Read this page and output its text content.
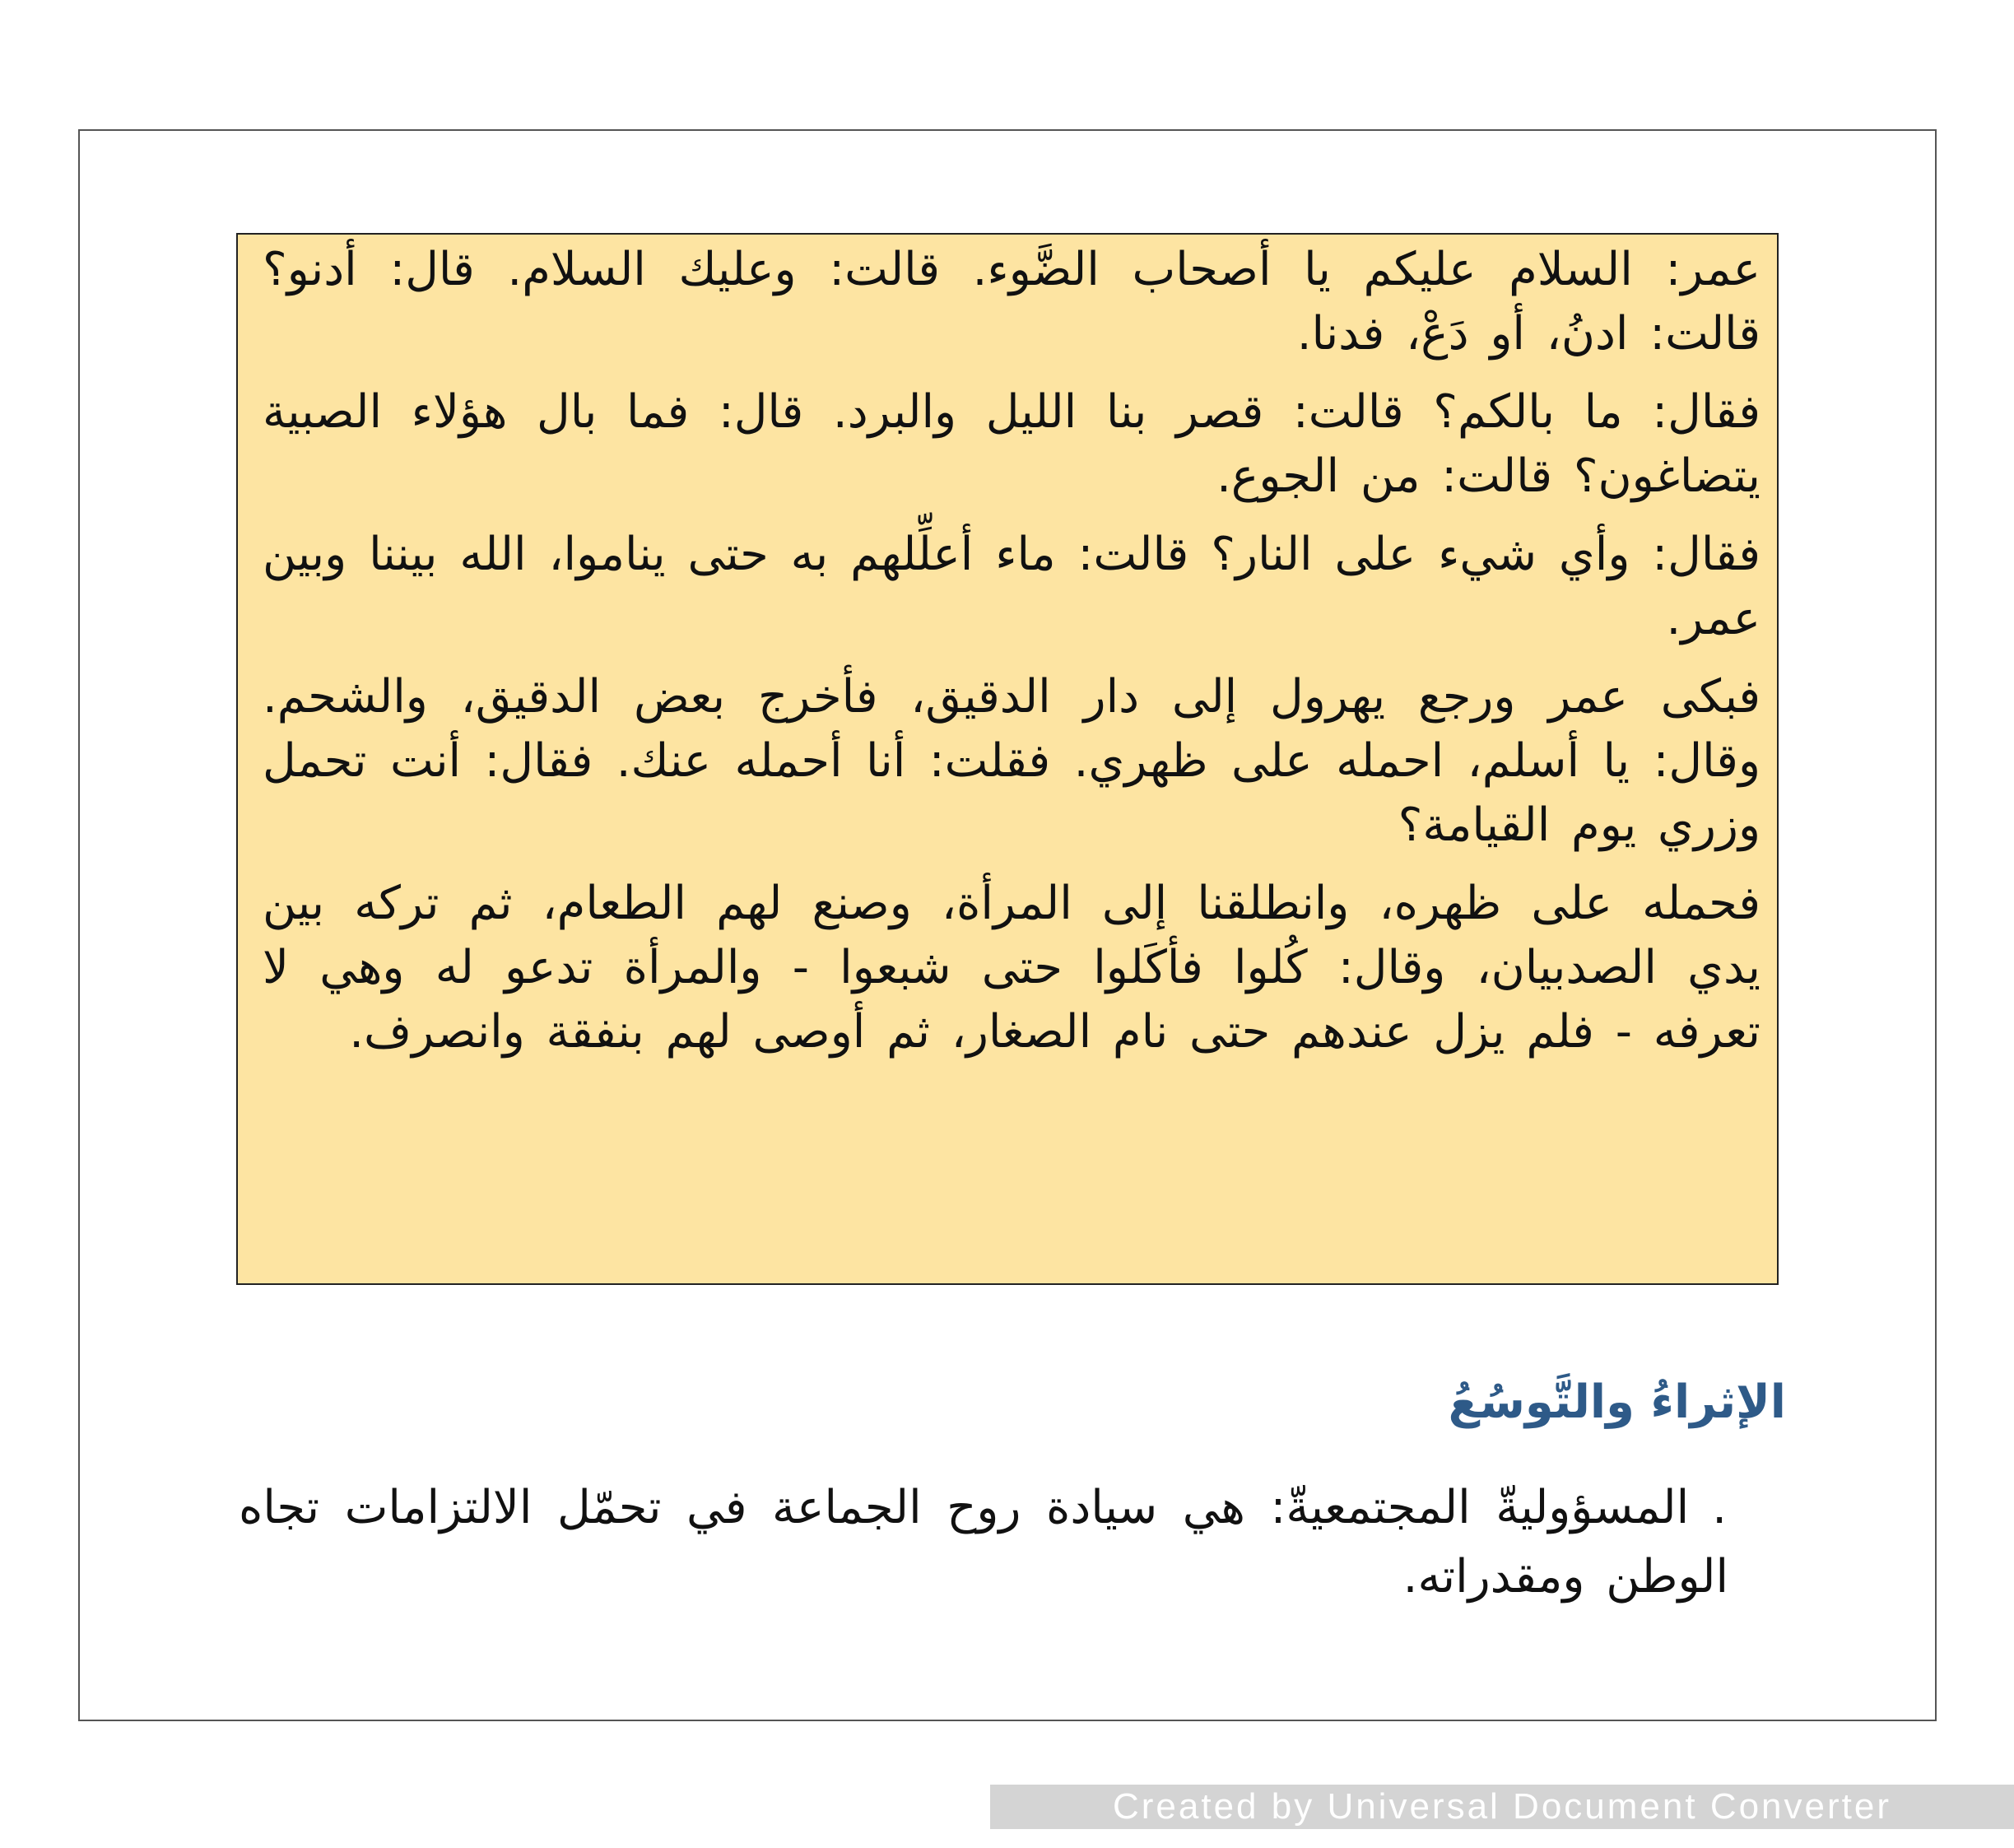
عمر: السلام عليكم يا أصحاب الضَّوء. قالت: وعليك السلام. قال: أدنو؟ قالت: ادنُ، أو دَعْ، فدنا.

فقال: ما بالكم؟ قالت: قصر بنا الليل والبرد. قال: فما بال هؤلاء الصبية يتضاغون؟ قالت: من الجوع.

فقال: وأي شيء على النار؟ قالت: ماء أعلِّلهم به حتى يناموا، الله بيننا وبين عمر.

فبكى عمر ورجع يهرول إلى دار الدقيق، فأخرج بعض الدقيق، والشحم. وقال: يا أسلم، احمله على ظهري. فقلت: أنا أحمله عنك. فقال: أنت تحمل وزري يوم القيامة؟

فحمله على ظهره، وانطلقنا إلى المرأة، وصنع لهم الطعام، ثم تركه بين يدي الصدبيان، وقال: كُلوا فأكَلوا حتى شبعوا - والمرأة تدعو له وهي لا تعرفه - فلم يزل عندهم حتى نام الصغار، ثم أوصى لهم بنفقة وانصرف.

الإثراءُ والتَّوسُعُ

.المسؤوليةّ المجتمعيةّ: هي سيادة روح الجماعة في تحمّل الالتزامات تجاه الوطن ومقدراته.

Created by Universal Document Converter
